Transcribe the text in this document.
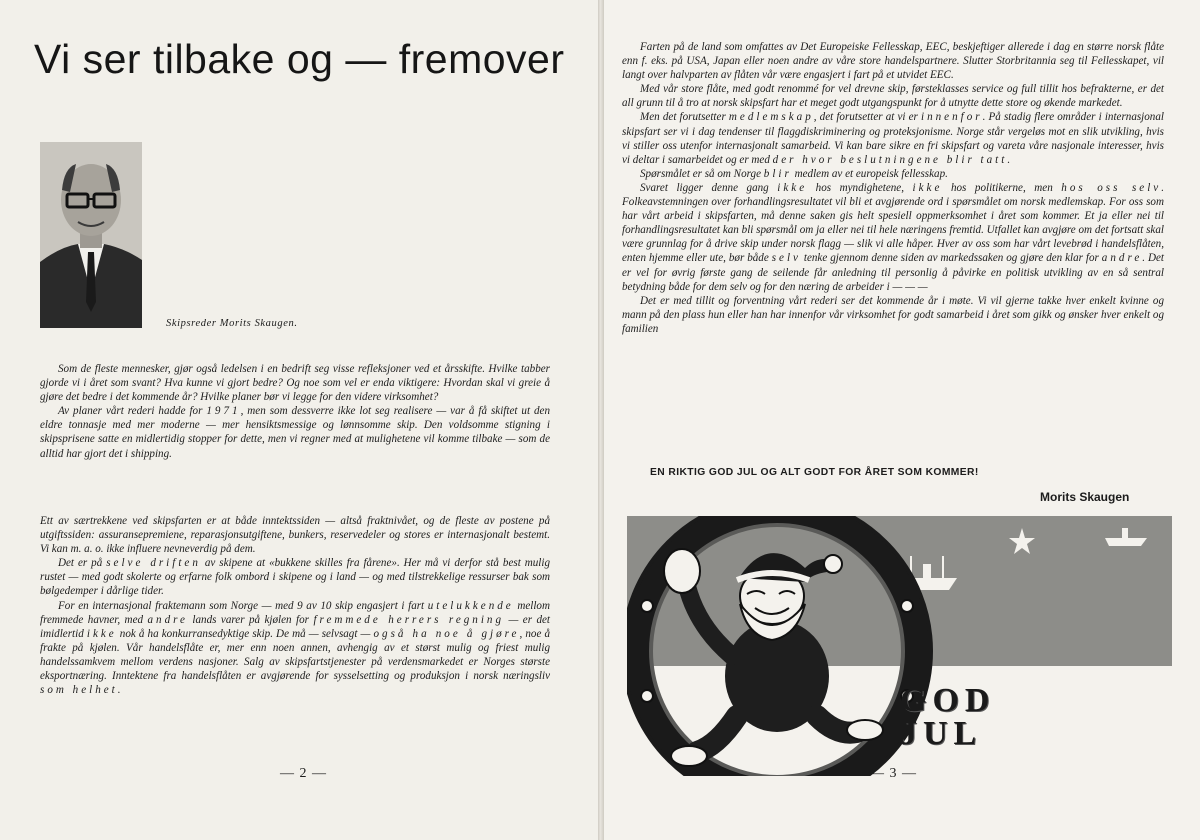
Vi ser tilbake og — fremover
Skipsreder Morits Skaugen.

Som de fleste mennesker, gjør også ledelsen i en bedrift seg visse refleksjoner ved et årsskifte. Hvilke tabber gjorde vi i året som svant? Hva kunne vi gjort bedre? Og noe som vel er enda viktigere: Hvordan skal vi greie å gjøre det bedre i det kommende år? Hvilke planer bør vi legge for den videre virksomhet?

Av planer vårt rederi hadde for 1971, men som dessverre ikke lot seg realisere — var å få skiftet ut den eldre tonnasje med mer moderne — mer hensiktsmessige og lønnsomme skip. Den voldsomme stigning i skipsprisene satte en midlertidig stopper for dette, men vi regner med at mulighetene vil komme tilbake — som de alltid har gjort det i shipping.

Ett av særtrekkene ved skipsfarten er at både inntektssiden — altså fraktnivået, og de fleste av postene på utgiftssiden: assuransepremiene, reparasjonsutgiftene, bunkers, reservedeler og stores er internasjonalt bestemt. Vi kan m. a. o. ikke influere nevneverdig på dem.

Det er på selve driften av skipene at «bukkene skilles fra fårene». Her må vi derfor stå best mulig rustet — med godt skolerte og erfarne folk ombord i skipene og i land — og med tilstrekkelige ressurser bak som bølgedemper i dårlige tider.

For en internasjonal fraktemann som Norge — med 9 av 10 skip engasjert i fart utelukkende mellom fremmede havner, med andre lands varer på kjølen for fremmede herrers regning — er det imidlertid ikke nok å ha konkurransedyktige skip. De må — selvsagt — også ha noe å gjøre, noe å frakte på kjølen. Vår handelsflåte er, mer enn noen annen, avhengig av et størst mulig og friest mulig handelssamkvem mellom verdens nasjoner. Salg av skipsfartstjenester på verdensmarkedet er Norges største eksportnæring. Inntektene fra handelsflåten er avgjørende for sysselsetting og produksjon i norsk næringsliv som helhet.

— 2 —

Farten på de land som omfattes av Det Europeiske Fellesskap, EEC, beskjeftiger allerede i dag en større norsk flåte enn f. eks. på USA, Japan eller noen andre av våre store handelspartnere. Slutter Storbritannia seg til Fellesskapet, vil langt over halvparten av flåten vår være engasjert i fart på et utvidet EEC.

Med vår store flåte, med godt renommé for vel drevne skip, førsteklasses service og full tillit hos befrakterne, er det all grunn til å tro at norsk skipsfart har et meget godt utgangspunkt for å utnytte dette store og økende markedet.

Men det forutsetter medlemskap, det forutsetter at vi er innenfor. På stadig flere områder i internasjonal skipsfart ser vi i dag tendenser til flaggdiskriminering og proteksjonisme. Norge står vergeløs mot en slik utvikling, hvis vi stiller oss utenfor internasjonalt samarbeid. Vi kan bare sikre en fri skipsfart og vareta våre nasjonale interesser, hvis vi deltar i samarbeidet og er med der hvor beslutningene blir tatt.

Spørsmålet er så om Norge blir medlem av et europeisk fellesskap.

Svaret ligger denne gang ikke hos myndighetene, ikke hos politikerne, men hos oss selv. Folkeavstemningen over forhandlingsresultatet vil bli et avgjørende ord i spørsmålet om norsk medlemskap. For oss som har vårt arbeid i skipsfarten, må denne saken gis helt spesiell oppmerksomhet i året som kommer. Et ja eller nei til forhandlingsresultatet kan bli spørsmål om ja eller nei til hele næringens fremtid. Utfallet kan avgjøre om det fortsatt skal være grunnlag for å drive skip under norsk flagg — slik vi alle håper. Hver av oss som har vårt levebrød i handelsflåten, enten hjemme eller ute, bør både selv tenke gjennom denne siden av markedssaken og gjøre den klar for andre. Det er vel for øvrig første gang de seilende får anledning til personlig å påvirke en politisk utvikling av en så sentral betydning både for dem selv og for den næring de arbeider i — — —

Det er med tillit og forventning vårt rederi ser det kommende år i møte. Vi vil gjerne takke hver enkelt kvinne og mann på den plass hun eller han har innenfor vår virksomhet for godt samarbeid i året som gikk og ønsker hver enkelt og familien

EN RIKTIG GOD JUL OG ALT GODT FOR ÅRET SOM KOMMER!
Morits Skaugen
GOD
JUL
— 3 —
